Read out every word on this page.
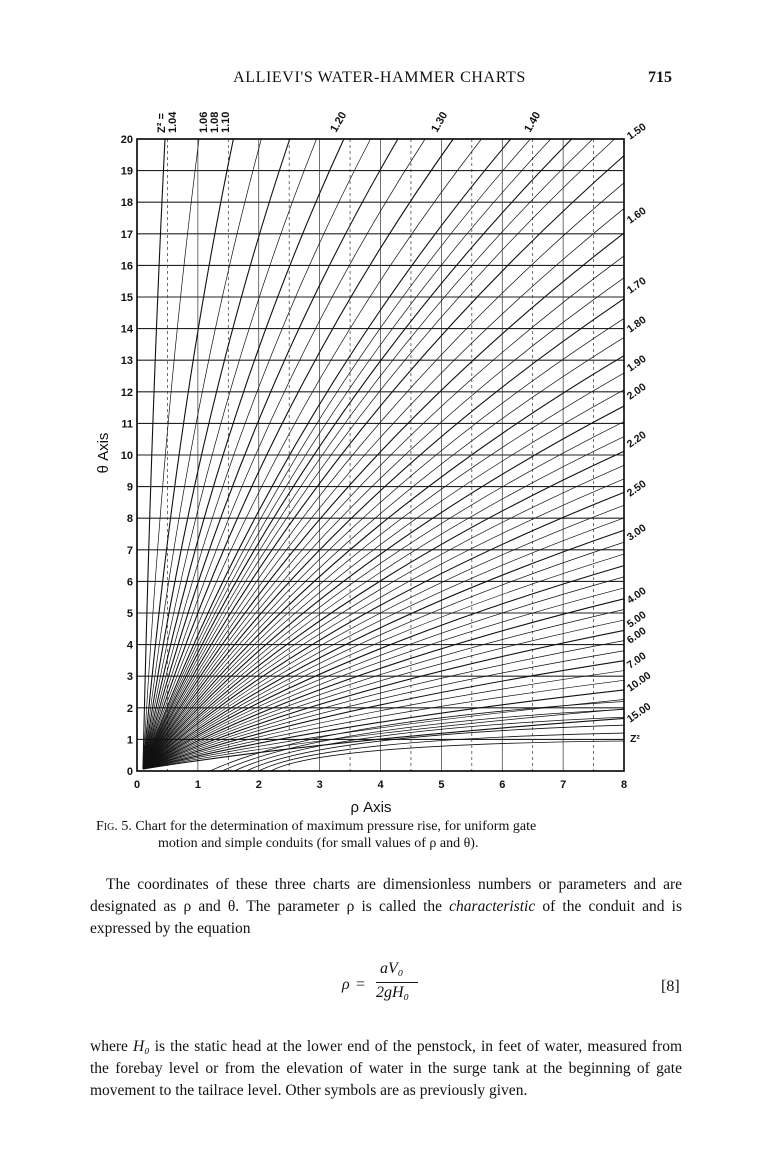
ALLIEVI'S WATER-HAMMER CHARTS	715
0	1	2	3	4	5	6	7	8
0
1
2
3
4
5
6
7
8
9
10
11
12
13
14
15
16
17
18
19
20
Z² = 1.04 1.06 1.08 1.10	1.20	1.30	1.40	1.50
1.60
1.70
1.80
1.90
2.00
2.20
2.50
3.00
4.00
5.00
6.00
7.00
10.00
15.00
Z²
ρ Axis
θ Axis
Fig. 5. Chart for the determination of maximum pressure rise, for uniform gate
motion and simple conduits (for small values of ρ and θ).
The coordinates of these three charts are dimensionless numbers or parameters and are designated as ρ and θ. The parameter ρ is called the characteristic of the conduit and is expressed by the equation
ρ =
aV₀
2gH₀	[8]
where H₀ is the static head at the lower end of the penstock, in feet of water, measured from the forebay level or from the elevation of water in the surge tank at the beginning of gate movement to the tailrace level. Other symbols are as previously given.
